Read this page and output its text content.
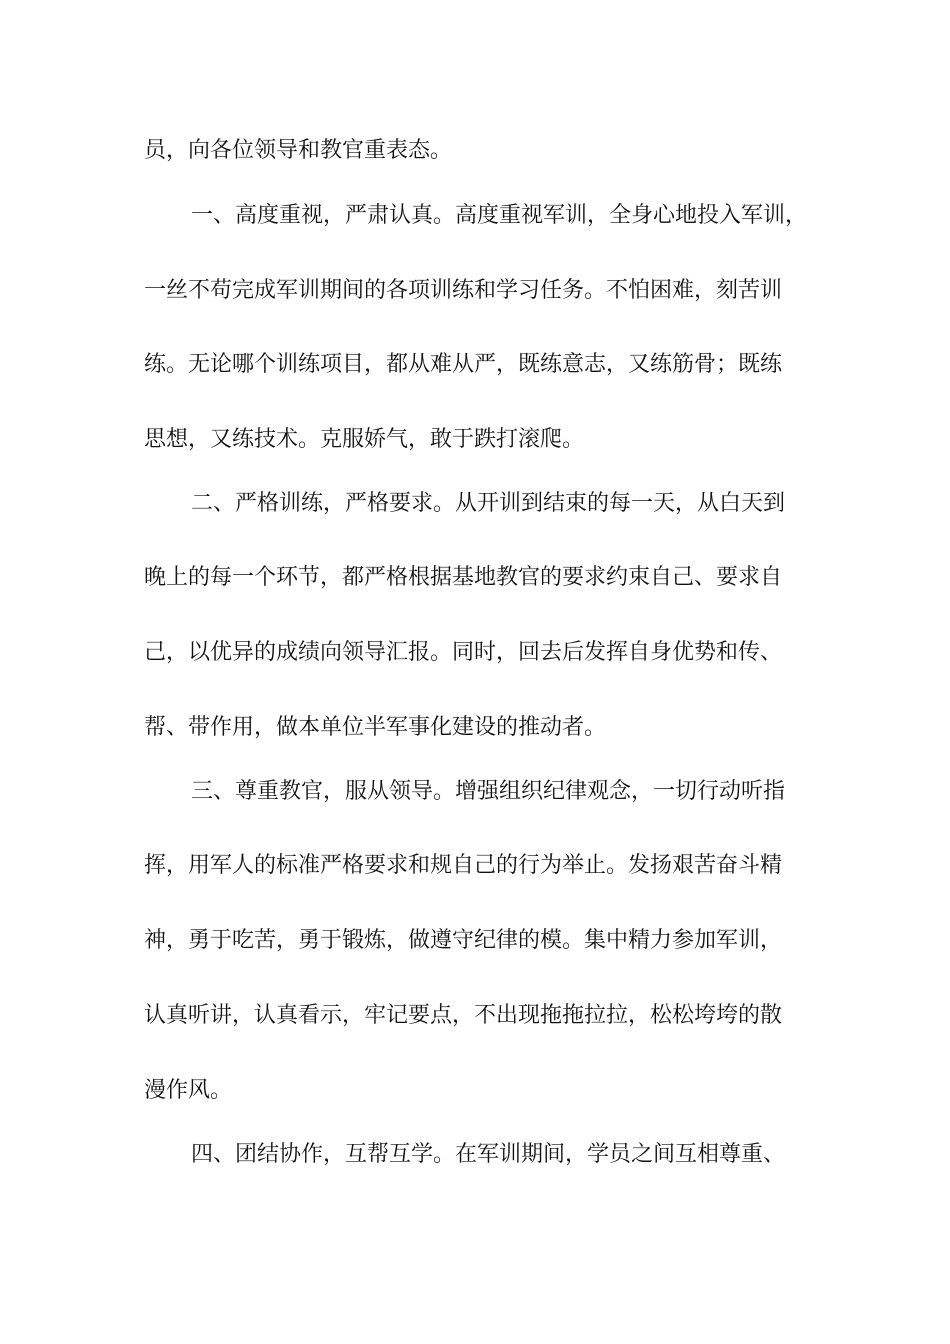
员，向各位领导和教官重表态。
一、高度重视，严肃认真。高度重视军训，全身心地投入军训，
一丝不苟完成军训期间的各项训练和学习任务。不怕困难，刻苦训
练。无论哪个训练项目，都从难从严，既练意志，又练筋骨；既练
思想，又练技术。克服娇气，敢于跌打滚爬。
二、严格训练，严格要求。从开训到结束的每一天，从白天到
晚上的每一个环节，都严格根据基地教官的要求约束自己、要求自
己，以优异的成绩向领导汇报。同时，回去后发挥自身优势和传、
帮、带作用，做本单位半军事化建设的推动者。
三、尊重教官，服从领导。增强组织纪律观念，一切行动听指
挥，用军人的标准严格要求和规自己的行为举止。发扬艰苦奋斗精
神，勇于吃苦，勇于锻炼，做遵守纪律的模。集中精力参加军训，
认真听讲，认真看示，牢记要点，不出现拖拖拉拉，松松垮垮的散
漫作风。
四、团结协作，互帮互学。在军训期间，学员之间互相尊重、
